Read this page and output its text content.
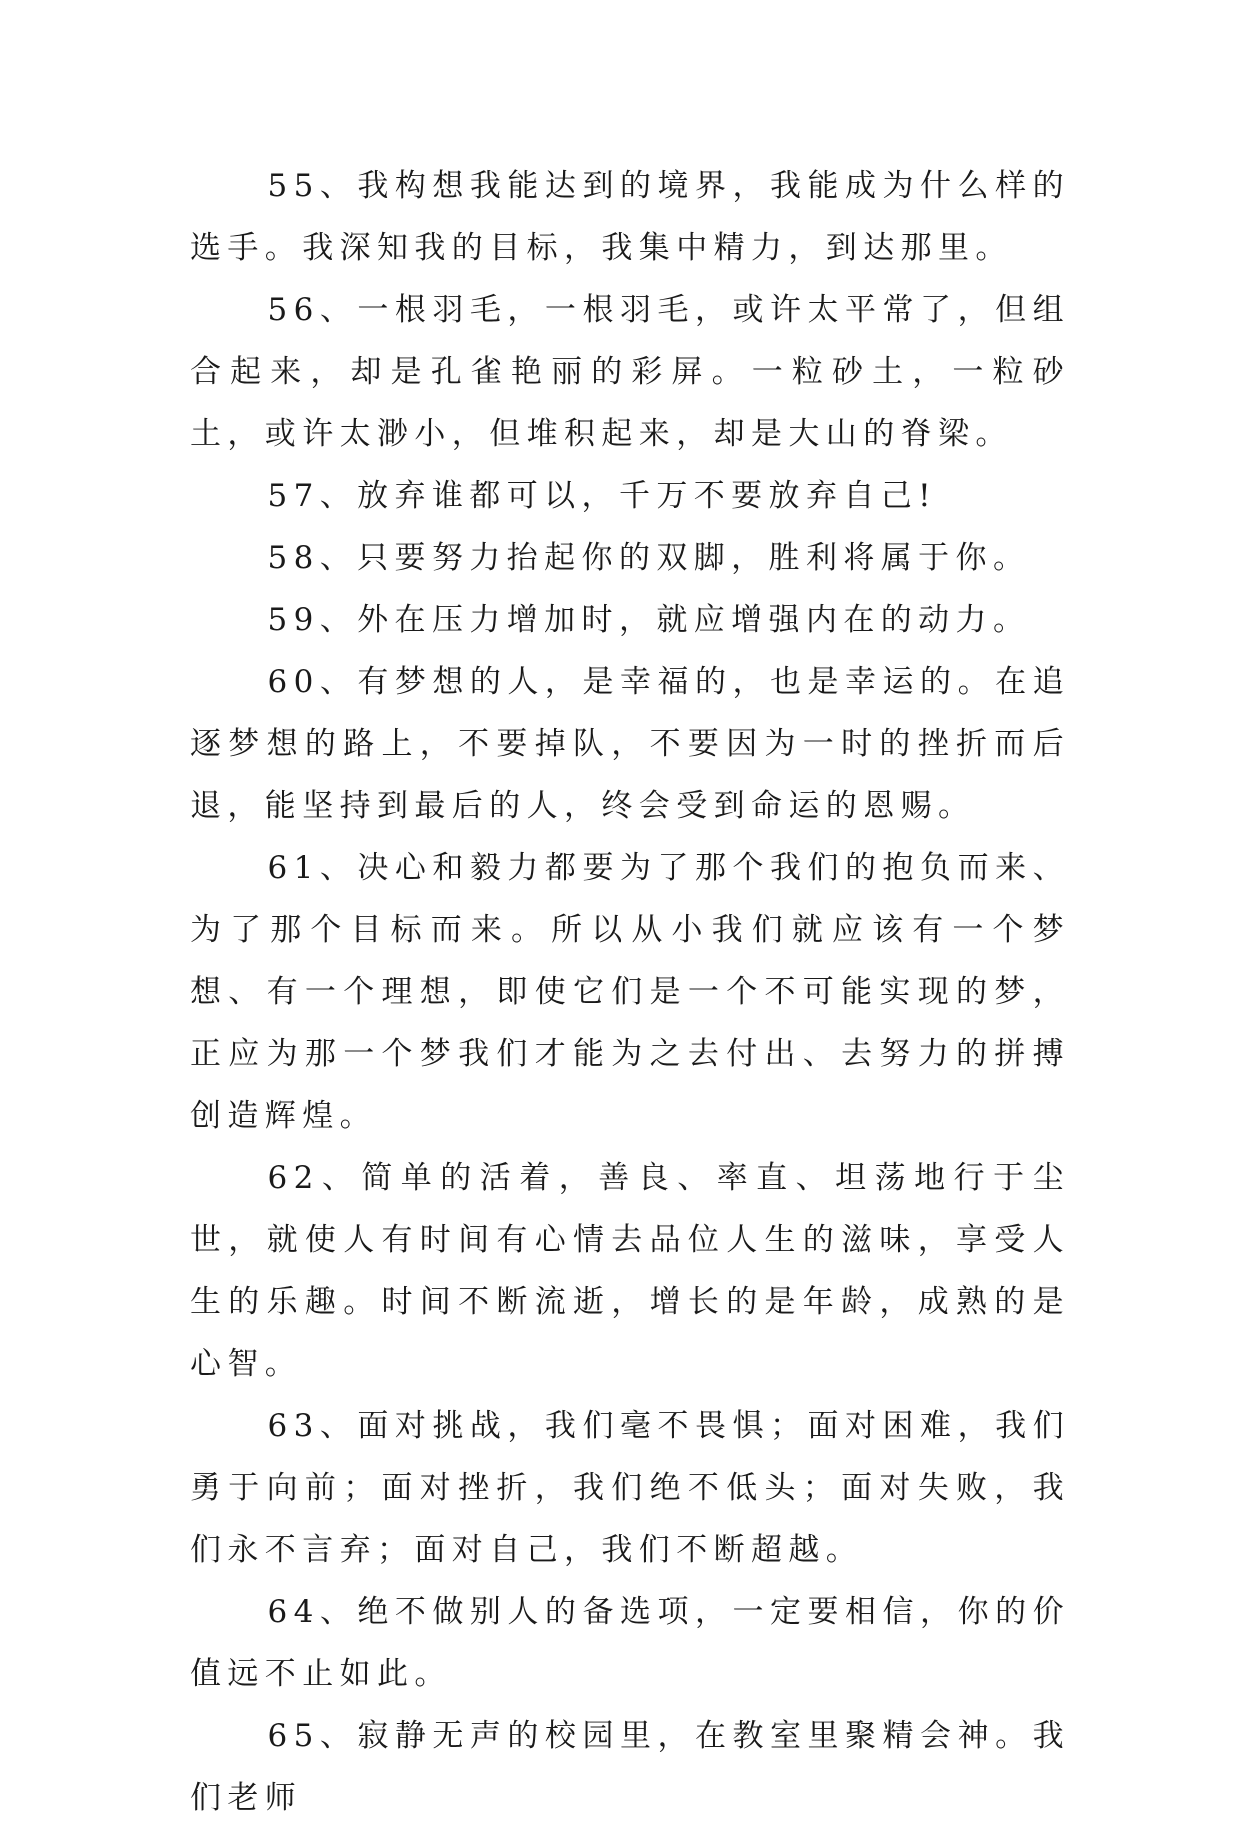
55、我构想我能达到的境界，我能成为什么样的选手。我深知我的目标，我集中精力，到达那里。

56、一根羽毛，一根羽毛，或许太平常了，但组合起来，却是孔雀艳丽的彩屏。一粒砂土，一粒砂土，或许太渺小，但堆积起来，却是大山的脊梁。

57、放弃谁都可以，千万不要放弃自己!

58、只要努力抬起你的双脚，胜利将属于你。

59、外在压力增加时，就应增强内在的动力。

60、有梦想的人，是幸福的，也是幸运的。在追逐梦想的路上，不要掉队，不要因为一时的挫折而后退，能坚持到最后的人，终会受到命运的恩赐。

61、决心和毅力都要为了那个我们的抱负而来、为了那个目标而来。所以从小我们就应该有一个梦想、有一个理想，即使它们是一个不可能实现的梦，正应为那一个梦我们才能为之去付出、去努力的拼搏创造辉煌。

62、简单的活着，善良、率直、坦荡地行于尘世，就使人有时间有心情去品位人生的滋味，享受人生的乐趣。时间不断流逝，增长的是年龄，成熟的是心智。

63、面对挑战，我们毫不畏惧；面对困难，我们勇于向前；面对挫折，我们绝不低头；面对失败，我们永不言弃；面对自己，我们不断超越。

64、绝不做别人的备选项，一定要相信，你的价值远不止如此。

65、寂静无声的校园里，在教室里聚精会神。我们老师
